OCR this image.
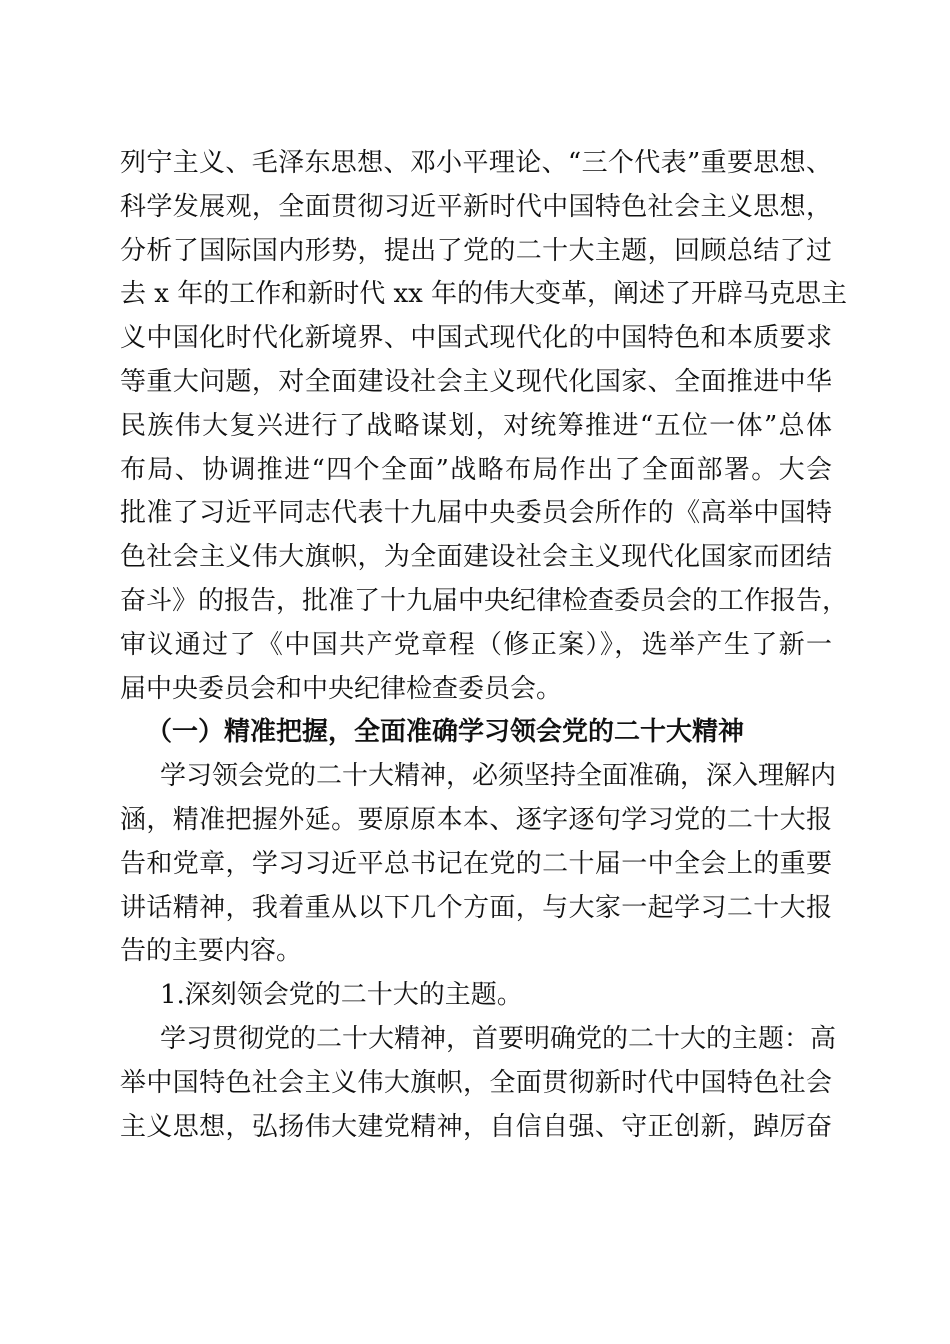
列宁主义、毛泽东思想、邓小平理论、“三个代表”重要思想、
科学发展观，全面贯彻习近平新时代中国特色社会主义思想，
分析了国际国内形势，提出了党的二十大主题，回顾总结了过
去 x 年的工作和新时代 xx 年的伟大变革，阐述了开辟马克思主
义中国化时代化新境界、中国式现代化的中国特色和本质要求
等重大问题，对全面建设社会主义现代化国家、全面推进中华
民族伟大复兴进行了战略谋划，对统筹推进“五位一体”总体
布局、协调推进“四个全面”战略布局作出了全面部署。大会
批准了习近平同志代表十九届中央委员会所作的《高举中国特
色社会主义伟大旗帜，为全面建设社会主义现代化国家而团结
奋斗》的报告，批准了十九届中央纪律检查委员会的工作报告，
审议通过了《中国共产党章程（修正案）》，选举产生了新一
届中央委员会和中央纪律检查委员会。
（一）精准把握，全面准确学习领会党的二十大精神
学习领会党的二十大精神，必须坚持全面准确，深入理解内
涵，精准把握外延。要原原本本、逐字逐句学习党的二十大报
告和党章，学习习近平总书记在党的二十届一中全会上的重要
讲话精神，我着重从以下几个方面，与大家一起学习二十大报
告的主要内容。
1.深刻领会党的二十大的主题。
学习贯彻党的二十大精神，首要明确党的二十大的主题：高
举中国特色社会主义伟大旗帜，全面贯彻新时代中国特色社会
主义思想，弘扬伟大建党精神，自信自强、守正创新，踔厉奋
